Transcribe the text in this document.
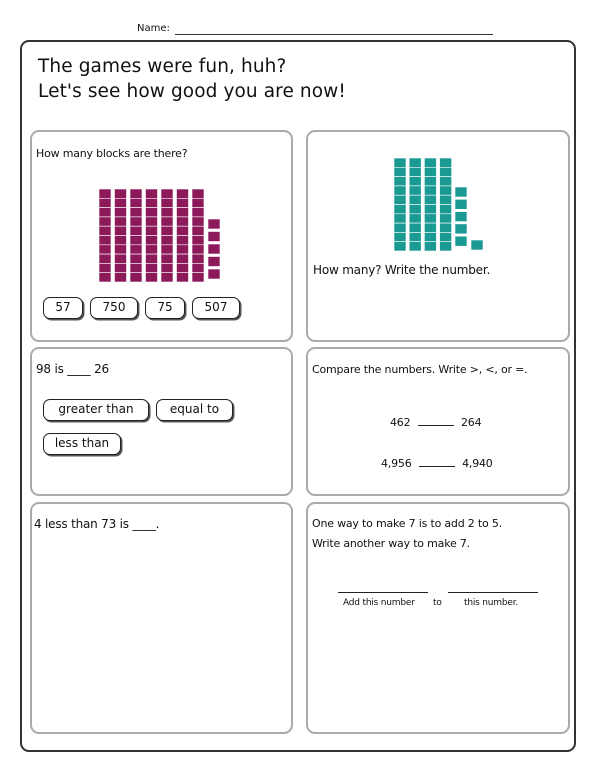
Name:
The games were fun, huh?
Let's see how good you are now!
How many blocks are there?
57	750	75	507
How many? Write the number.
98 is ____ 26
greater than	equal to
less than
Compare the numbers. Write >, <, or =.
462	264
4,956	4,940
4 less than 73 is ____.	One way to make 7 is to add 2 to 5.
Write another way to make 7.
Add this number to this number.
